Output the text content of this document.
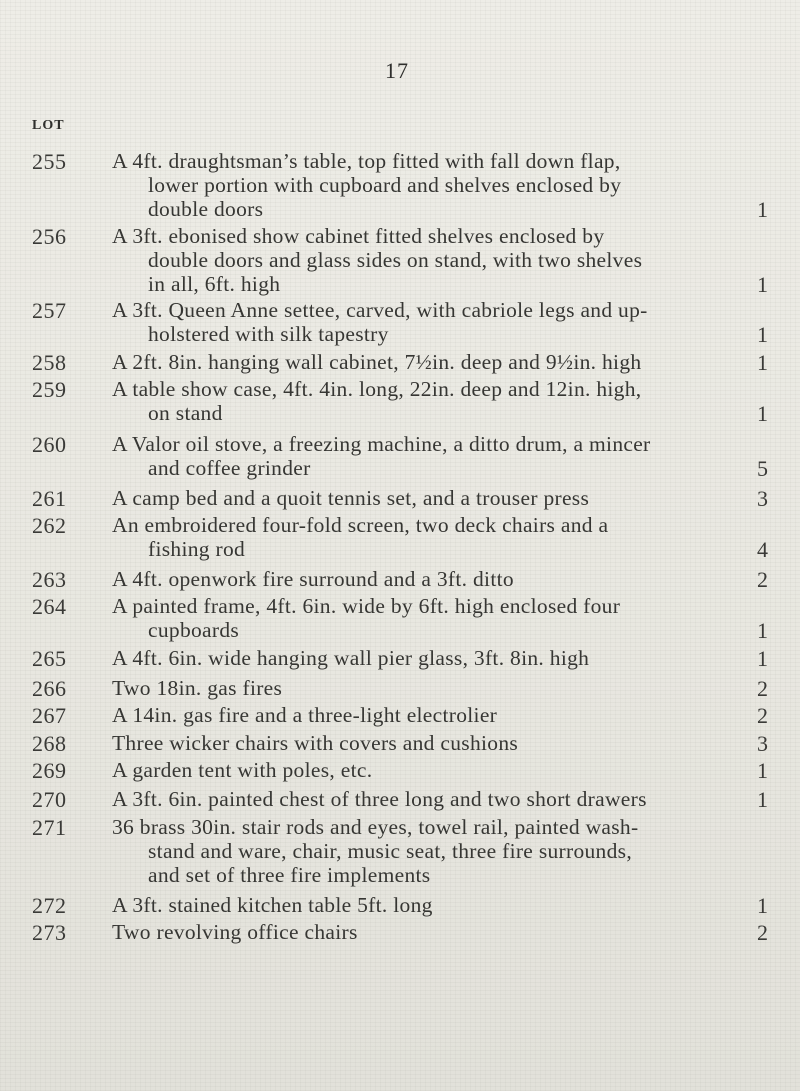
17
LOT
255 A 4ft. draughtsman’s table, top fitted with fall down flap,
lower portion with cupboard and shelves enclosed by
double doors	1
256 A 3ft. ebonised show cabinet fitted shelves enclosed by
double doors and glass sides on stand, with two shelves
in all, 6ft. high	1
257 A 3ft. Queen Anne settee, carved, with cabriole legs and up-
holstered with silk tapestry	1
258 A 2ft. 8in. hanging wall cabinet, 7½in. deep and 9½in. high	1
259 A table show case, 4ft. 4in. long, 22in. deep and 12in. high,
on stand	1
260 A Valor oil stove, a freezing machine, a ditto drum, a mincer
and coffee grinder	5
261 A camp bed and a quoit tennis set, and a trouser press	3
262 An embroidered four-fold screen, two deck chairs and a
fishing rod	4
263 A 4ft. openwork fire surround and a 3ft. ditto	2
264 A painted frame, 4ft. 6in. wide by 6ft. high enclosed four
cupboards	1
265 A 4ft. 6in. wide hanging wall pier glass, 3ft. 8in. high	1
266 Two 18in. gas fires	2
267 A 14in. gas fire and a three-light electrolier	2
268 Three wicker chairs with covers and cushions	3
269 A garden tent with poles, etc.	1
270 A 3ft. 6in. painted chest of three long and two short drawers	1
271 36 brass 30in. stair rods and eyes, towel rail, painted wash-
stand and ware, chair, music seat, three fire surrounds,
and set of three fire implements
272 A 3ft. stained kitchen table 5ft. long	1
273 Two revolving office chairs	2
